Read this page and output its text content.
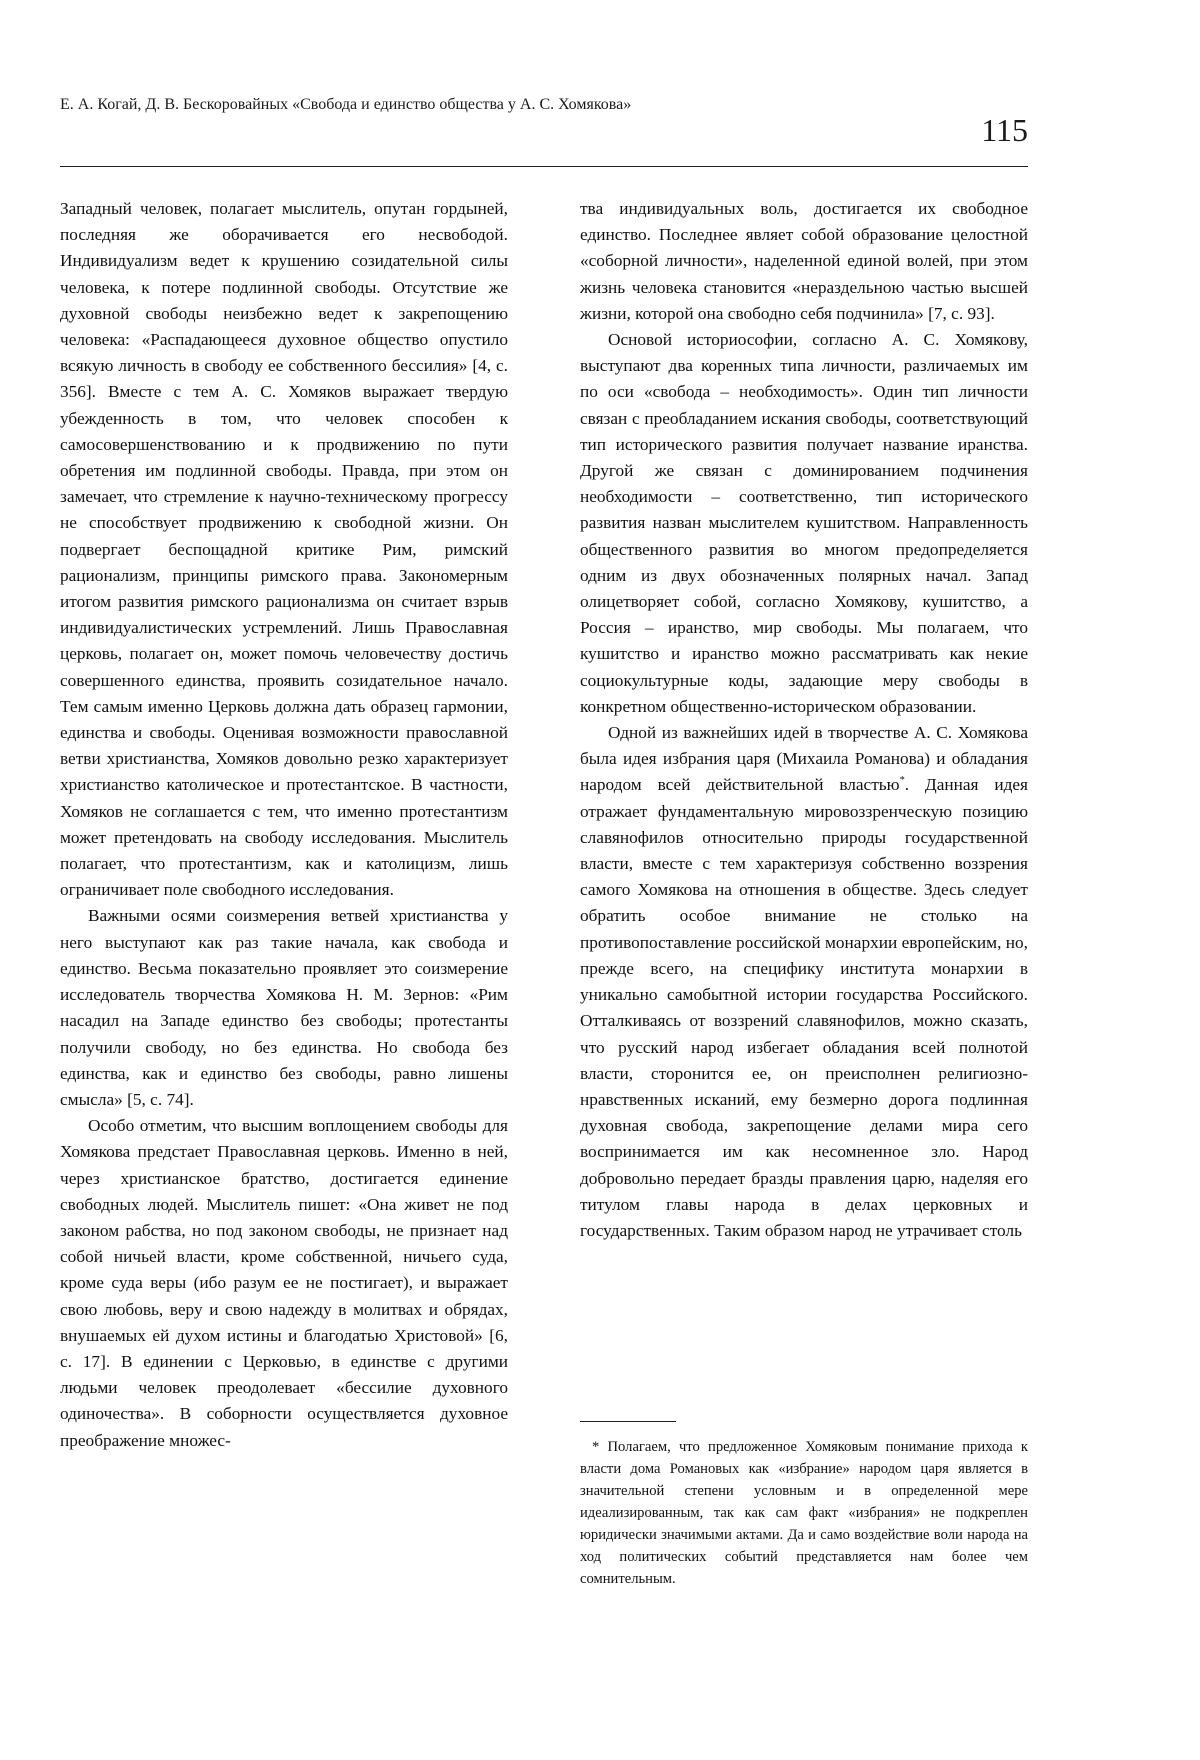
Е. А. Когай, Д. В. Бескоровайных «Свобода и единство общества у А. С. Хомякова»
115

Западный человек, полагает мыслитель, опутан гордыней, последняя же оборачивается его несвободой. Индивидуализм ведет к крушению созидательной силы человека, к потере подлинной свободы. Отсутствие же духовной свободы неизбежно ведет к закрепощению человека: «Распадающееся духовное общество опустило всякую личность в свободу ее собственного бессилия» [4, с. 356]. Вместе с тем А. С. Хомяков выражает твердую убежденность в том, что человек способен к самосовершенствованию и к продвижению по пути обретения им подлинной свободы. Правда, при этом он замечает, что стремление к научно-техническому прогрессу не способствует продвижению к свободной жизни. Он подвергает беспощадной критике Рим, римский рационализм, принципы римского права. Закономерным итогом развития римского рационализма он считает взрыв индивидуалистических устремлений. Лишь Православная церковь, полагает он, может помочь человечеству достичь совершенного единства, проявить созидательное начало. Тем самым именно Церковь должна дать образец гармонии, единства и свободы. Оценивая возможности православной ветви христианства, Хомяков довольно резко характеризует христианство католическое и протестантское. В частности, Хомяков не соглашается с тем, что именно протестантизм может претендовать на свободу исследования. Мыслитель полагает, что протестантизм, как и католицизм, лишь ограничивает поле свободного исследования.

Важными осями соизмерения ветвей христианства у него выступают как раз такие начала, как свобода и единство. Весьма показательно проявляет это соизмерение исследователь творчества Хомякова Н. М. Зернов: «Рим насадил на Западе единство без свободы; протестанты получили свободу, но без единства. Но свобода без единства, как и единство без свободы, равно лишены смысла» [5, с. 74].

Особо отметим, что высшим воплощением свободы для Хомякова предстает Православная церковь. Именно в ней, через христианское братство, достигается единение свободных людей. Мыслитель пишет: «Она живет не под законом рабства, но под законом свободы, не признает над собой ничьей власти, кроме собственной, ничьего суда, кроме суда веры (ибо разум ее не постигает), и выражает свою любовь, веру и свою надежду в молитвах и обрядах, внушаемых ей духом истины и благодатью Христовой» [6, с. 17]. В единении с Церковью, в единстве с другими людьми человек преодолевает «бессилие духовного одиночества». В соборности осуществляется духовное преображение множес-

тва индивидуальных воль, достигается их свободное единство. Последнее являет собой образование целостной «соборной личности», наделенной единой волей, при этом жизнь человека становится «нераздельною частью высшей жизни, которой она свободно себя подчинила» [7, с. 93].

Основой историософии, согласно А. С. Хомякову, выступают два коренных типа личности, различаемых им по оси «свобода – необходимость». Один тип личности связан с преобладанием искания свободы, соответствующий тип исторического развития получает название иранства. Другой же связан с доминированием подчинения необходимости – соответственно, тип исторического развития назван мыслителем кушитством. Направленность общественного развития во многом предопределяется одним из двух обозначенных полярных начал. Запад олицетворяет собой, согласно Хомякову, кушитство, а Россия – иранство, мир свободы. Мы полагаем, что кушитство и иранство можно рассматривать как некие социокультурные коды, задающие меру свободы в конкретном общественно-историческом образовании.

Одной из важнейших идей в творчестве А. С. Хомякова была идея избрания царя (Михаила Романова) и обладания народом всей действительной властью*. Данная идея отражает фундаментальную мировоззренческую позицию славянофилов относительно природы государственной власти, вместе с тем характеризуя собственно воззрения самого Хомякова на отношения в обществе. Здесь следует обратить особое внимание не столько на противопоставление российской монархии европейским, но, прежде всего, на специфику института монархии в уникально самобытной истории государства Российского. Отталкиваясь от воззрений славянофилов, можно сказать, что русский народ избегает обладания всей полнотой власти, сторонится ее, он преисполнен религиозно-нравственных исканий, ему безмерно дорога подлинная духовная свобода, закрепощение делами мира сего воспринимается им как несомненное зло. Народ добровольно передает бразды правления царю, наделяя его титулом главы народа в делах церковных и государственных. Таким образом народ не утрачивает столь

* Полагаем, что предложенное Хомяковым понимание прихода к власти дома Романовых как «избрание» народом царя является в значительной степени условным и в определенной мере идеализированным, так как сам факт «избрания» не подкреплен юридически значимыми актами. Да и само воздействие воли народа на ход политических событий представляется нам более чем сомнительным.
